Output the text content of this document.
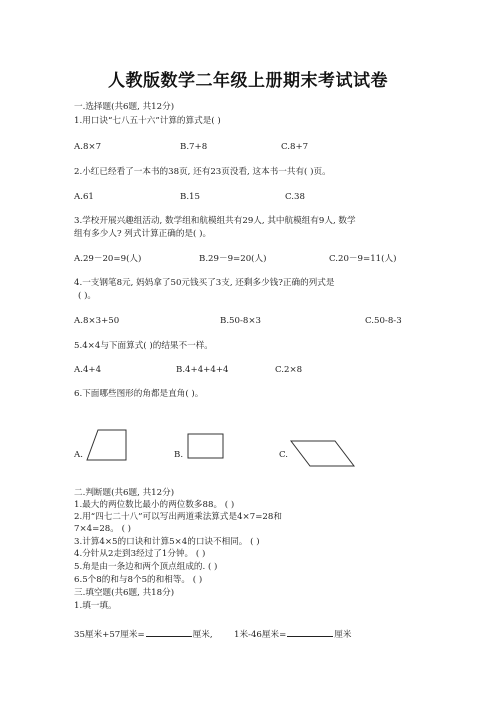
人教版数学二年级上册期末考试试卷
一.选择题(共6题, 共12分)
1.用口诀“七八五十六”计算的算式是( )
A.8×7	B.7+8	C.8+7
2.小红已经看了一本书的38页, 还有23页没看, 这本书一共有( )页。
A.61	B.15	C.38
3.学校开展兴趣组活动, 数学组和航模组共有29人, 其中航模组有9人, 数学
组有多少人? 列式计算正确的是( )。
A.29－20=9(人)	B.29－9=20(人)	C.20－9=11(人)
4.一支钢笔8元, 妈妈拿了50元钱买了3支, 还剩多少钱?正确的列式是
( )。
A.8×3+50	B.50-8×3	C.50-8-3
5.4×4与下面算式( )的结果不一样。
A.4+4	B.4+4+4+4	C.2×8
6.下面哪些图形的角都是直角( )。
A.	B.	C.
二.判断题(共6题, 共12分)
1.最大的两位数比最小的两位数多88。 ( )
2.用“四七二十八”可以写出两道乘法算式是4×7=28和
7×4=28。 ( )
3.计算4×5的口诀和计算5×4的口诀不相同。 ( )
4.分针从2走到3经过了1分钟。 ( )
5.角是由一条边和两个顶点组成的. ( )
6.5个8的和与8个5的和相等。 ( )
三.填空题(共6题, 共18分)
1.填一填。
35厘米+57厘米=	厘米, 1米-46厘米=	厘米
